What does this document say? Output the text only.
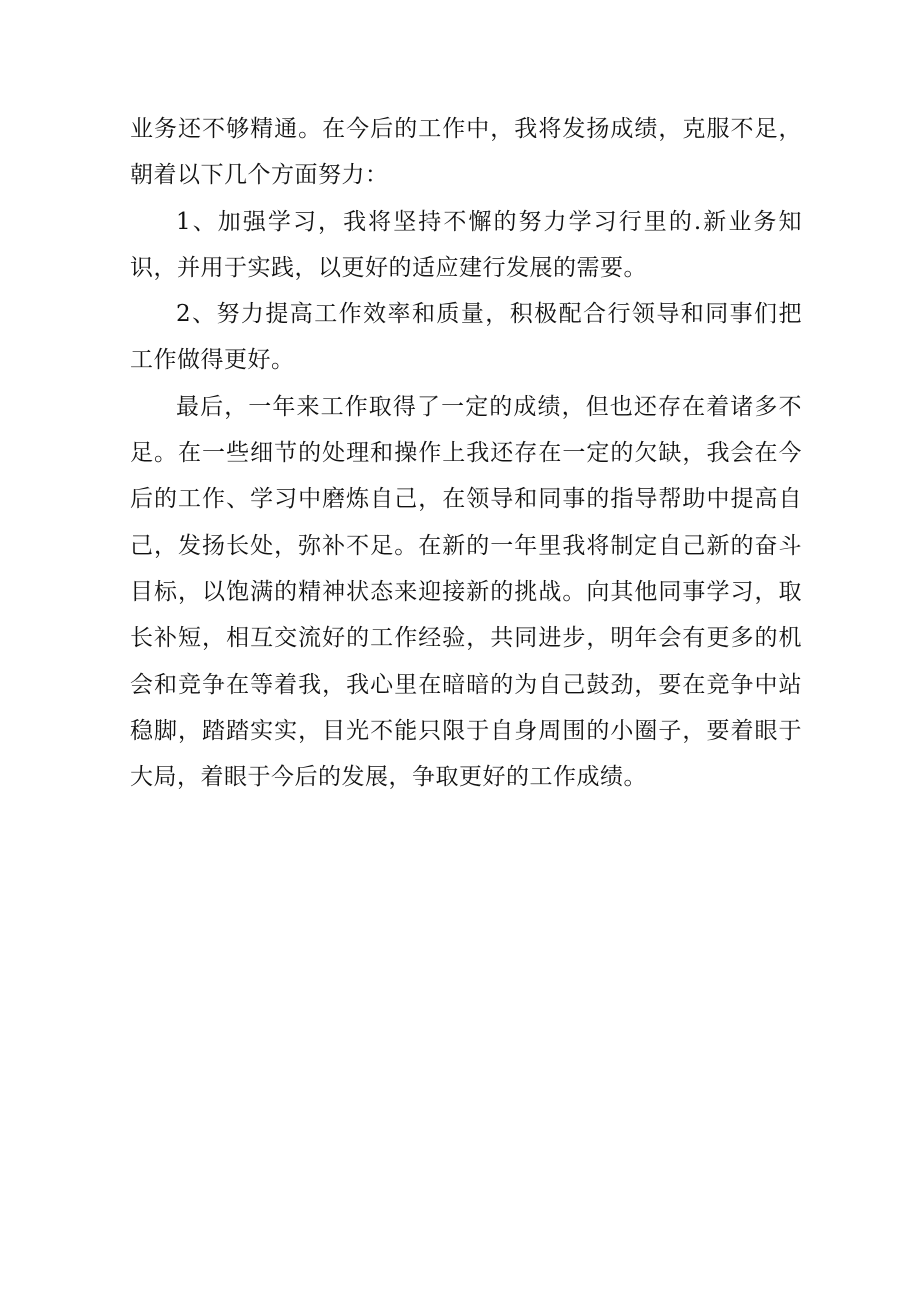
业务还不够精通。在今后的工作中，我将发扬成绩，克服不足，朝着以下几个方面努力：

1、加强学习，我将坚持不懈的努力学习行里的.新业务知识，并用于实践，以更好的适应建行发展的需要。

2、努力提高工作效率和质量，积极配合行领导和同事们把工作做得更好。

最后，一年来工作取得了一定的成绩，但也还存在着诸多不足。在一些细节的处理和操作上我还存在一定的欠缺，我会在今后的工作、学习中磨炼自己，在领导和同事的指导帮助中提高自己，发扬长处，弥补不足。在新的一年里我将制定自己新的奋斗目标，以饱满的精神状态来迎接新的挑战。向其他同事学习，取长补短，相互交流好的工作经验，共同进步，明年会有更多的机会和竞争在等着我，我心里在暗暗的为自己鼓劲，要在竞争中站稳脚，踏踏实实，目光不能只限于自身周围的小圈子，要着眼于大局，着眼于今后的发展，争取更好的工作成绩。
